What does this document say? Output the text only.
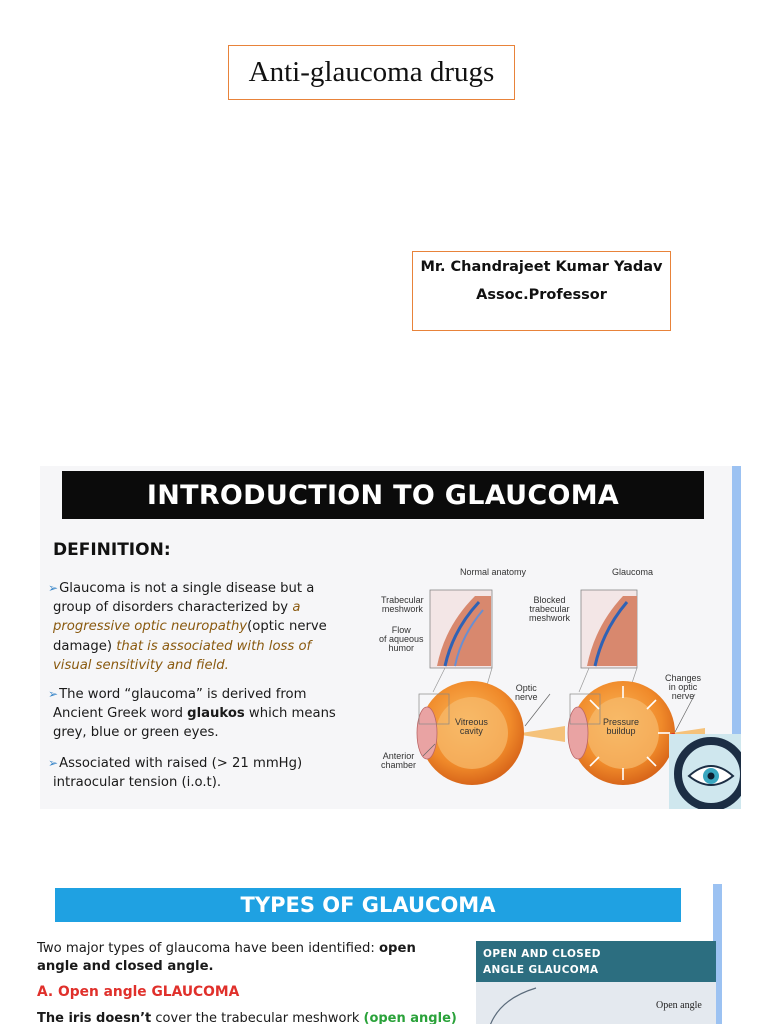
Anti-glaucoma drugs
Mr. Chandrajeet Kumar Yadav
Assoc.Professor
INTRODUCTION TO GLAUCOMA
DEFINITION:
➢Glaucoma is not a single disease but a
group of disorders characterized by a
progressive optic neuropathy(optic nerve
damage) that is associated with loss of
visual sensitivity and field.
➢The word “glaucoma” is derived from
Ancient Greek word glaukos which means
grey, blue or green eyes.
➢Associated with raised (> 21 mmHg)
intraocular tension (i.o.t).
Normal anatomy	Glaucoma
Trabecular
meshwork
Flow
of aqueous
humor
Blocked
trabecular
meshwork
Changes
in optic
nerve
Optic
nerve
Vitreous
cavity
Pressure
buildup
Anterior
chamber
TYPES OF GLAUCOMA
Two major types of glaucoma have been identified: open angle and closed angle.
A. Open angle GLAUCOMA
The iris doesn’t cover the trabecular meshwork (open angle)
OPEN AND CLOSED
ANGLE GLAUCOMA
Open angle
